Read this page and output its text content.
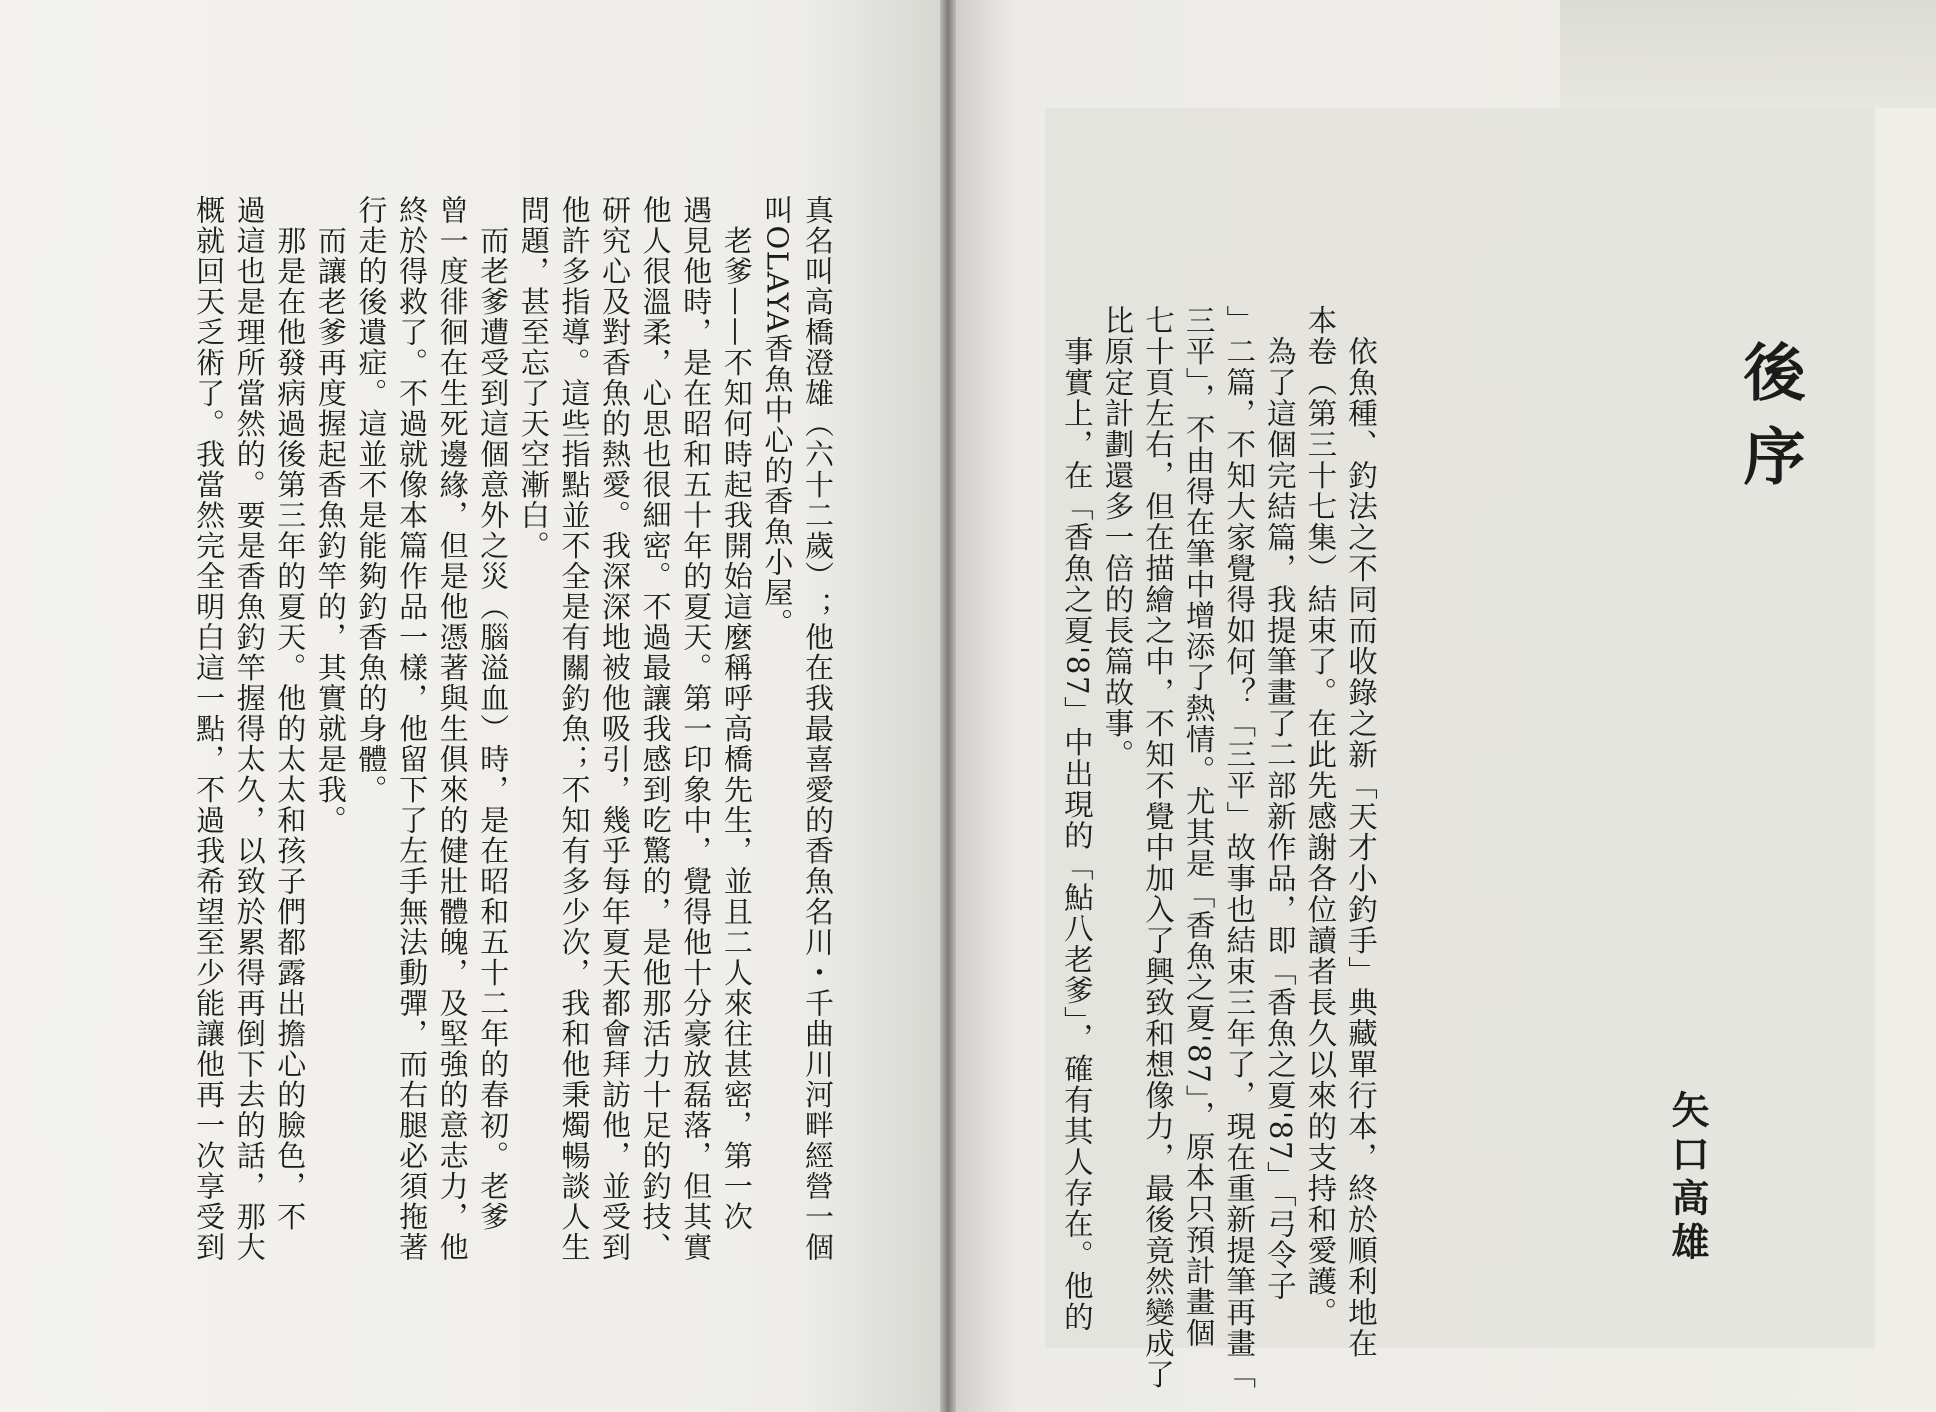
真名叫高橋澄雄（六十二歲）；他在我最喜愛的香魚名川・千曲川河畔經營一個
叫OLAYA香魚中心的香魚小屋。
　老爹——不知何時起我開始這麼稱呼高橋先生，並且二人來往甚密，第一次
遇見他時，是在昭和五十年的夏天。第一印象中，覺得他十分豪放磊落，但其實
他人很溫柔，心思也很細密。不過最讓我感到吃驚的，是他那活力十足的釣技、
研究心及對香魚的熱愛。我深深地被他吸引，幾乎每年夏天都會拜訪他，並受到
他許多指導。這些指點並不全是有關釣魚；不知有多少次，我和他秉燭暢談人生
問題，甚至忘了天空漸白。
　而老爹遭受到這個意外之災（腦溢血）時，是在昭和五十二年的春初。老爹
曾一度徘徊在生死邊緣，但是他憑著與生俱來的健壯體魄，及堅強的意志力，他
終於得救了。不過就像本篇作品一樣，他留下了左手無法動彈，而右腿必須拖著
行走的後遺症。這並不是能夠釣香魚的身體。
　而讓老爹再度握起香魚釣竿的，其實就是我。
　那是在他發病過後第三年的夏天。他的太太和孩子們都露出擔心的臉色，不
過這也是理所當然的。要是香魚釣竿握得太久，以致於累得再倒下去的話，那大
概就回天乏術了。我當然完全明白這一點，不過我希望至少能讓他再一次享受到	後序
　依魚種、釣法之不同而收錄之新「天才小釣手」典藏單行本，終於順利地在
本卷（第三十七集）結束了。在此先感謝各位讀者長久以來的支持和愛護。
　為了這個完結篇，我提筆畫了二部新作品，即「香魚之夏'87」「弓令子
」二篇，不知大家覺得如何？「三平」故事也結束三年了，現在重新提筆再畫「
三平」，不由得在筆中增添了熱情。尤其是「香魚之夏'87」，原本只預計畫個
七十頁左右，但在描繪之中，不知不覺中加入了興致和想像力，最後竟然變成了
比原定計劃還多一倍的長篇故事。
　事實上，在「香魚之夏'87」中出現的「鮎八老爹」，確有其人存在。他的	矢口高雄
